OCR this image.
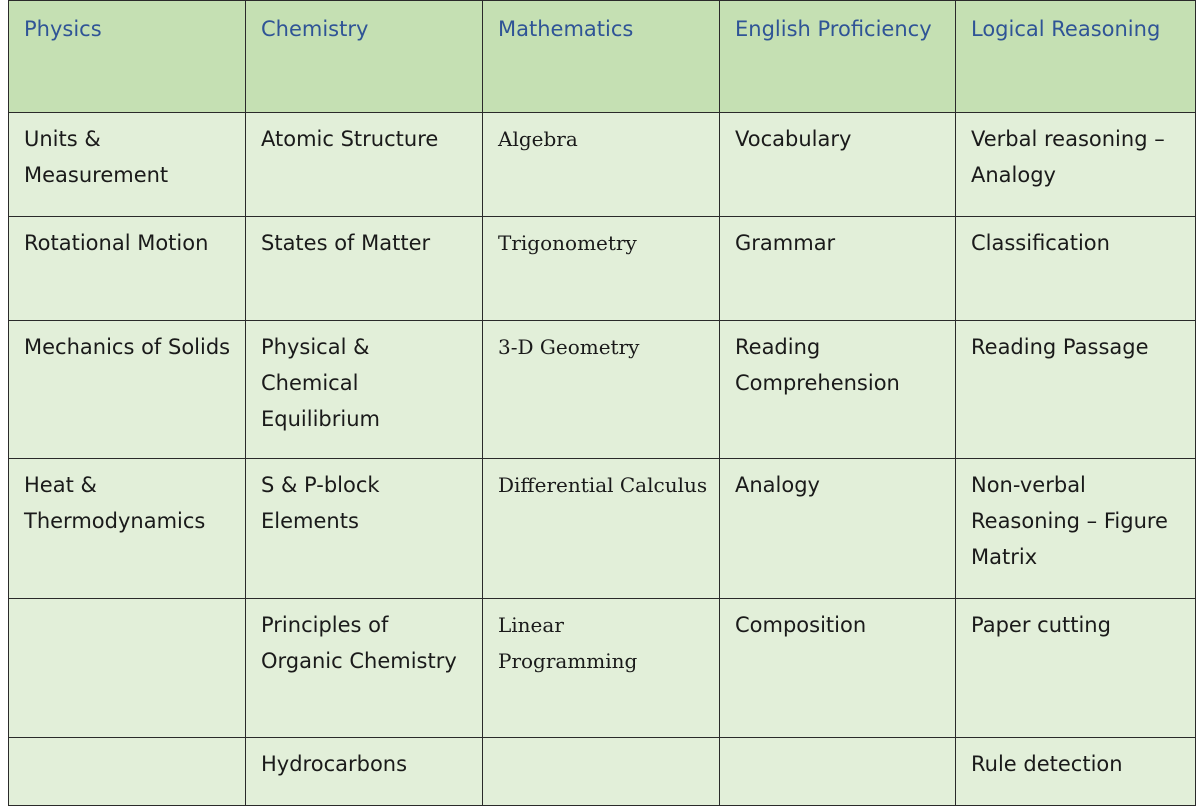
Physics	Chemistry	Mathematics	English Proficiency	Logical Reasoning
Units & Measurement	Atomic Structure	Algebra	Vocabulary	Verbal reasoning – Analogy
Rotational Motion	States of Matter	Trigonometry	Grammar	Classification
Mechanics of Solids	Physical & Chemical Equilibrium	3-D Geometry	Reading Comprehension	Reading Passage
Heat & Thermodynamics	S & P-block Elements	Differential Calculus	Analogy	Non-verbal Reasoning – Figure Matrix
	Principles of Organic Chemistry	Linear Programming	Composition	Paper cutting
	Hydrocarbons			Rule detection
